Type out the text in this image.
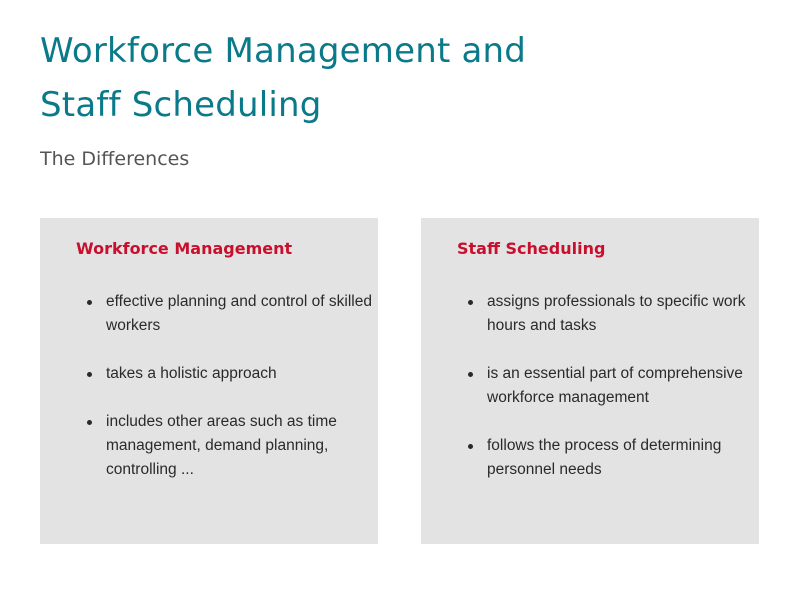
Workforce Management and
Staff Scheduling

The Differences

Workforce Management
effective planning and control of skilled workers
takes a holistic approach
includes other areas such as time management, demand planning, controlling ...
Staff Scheduling
assigns professionals to specific work hours and tasks
is an essential part of comprehensive workforce management
follows the process of determining personnel needs
